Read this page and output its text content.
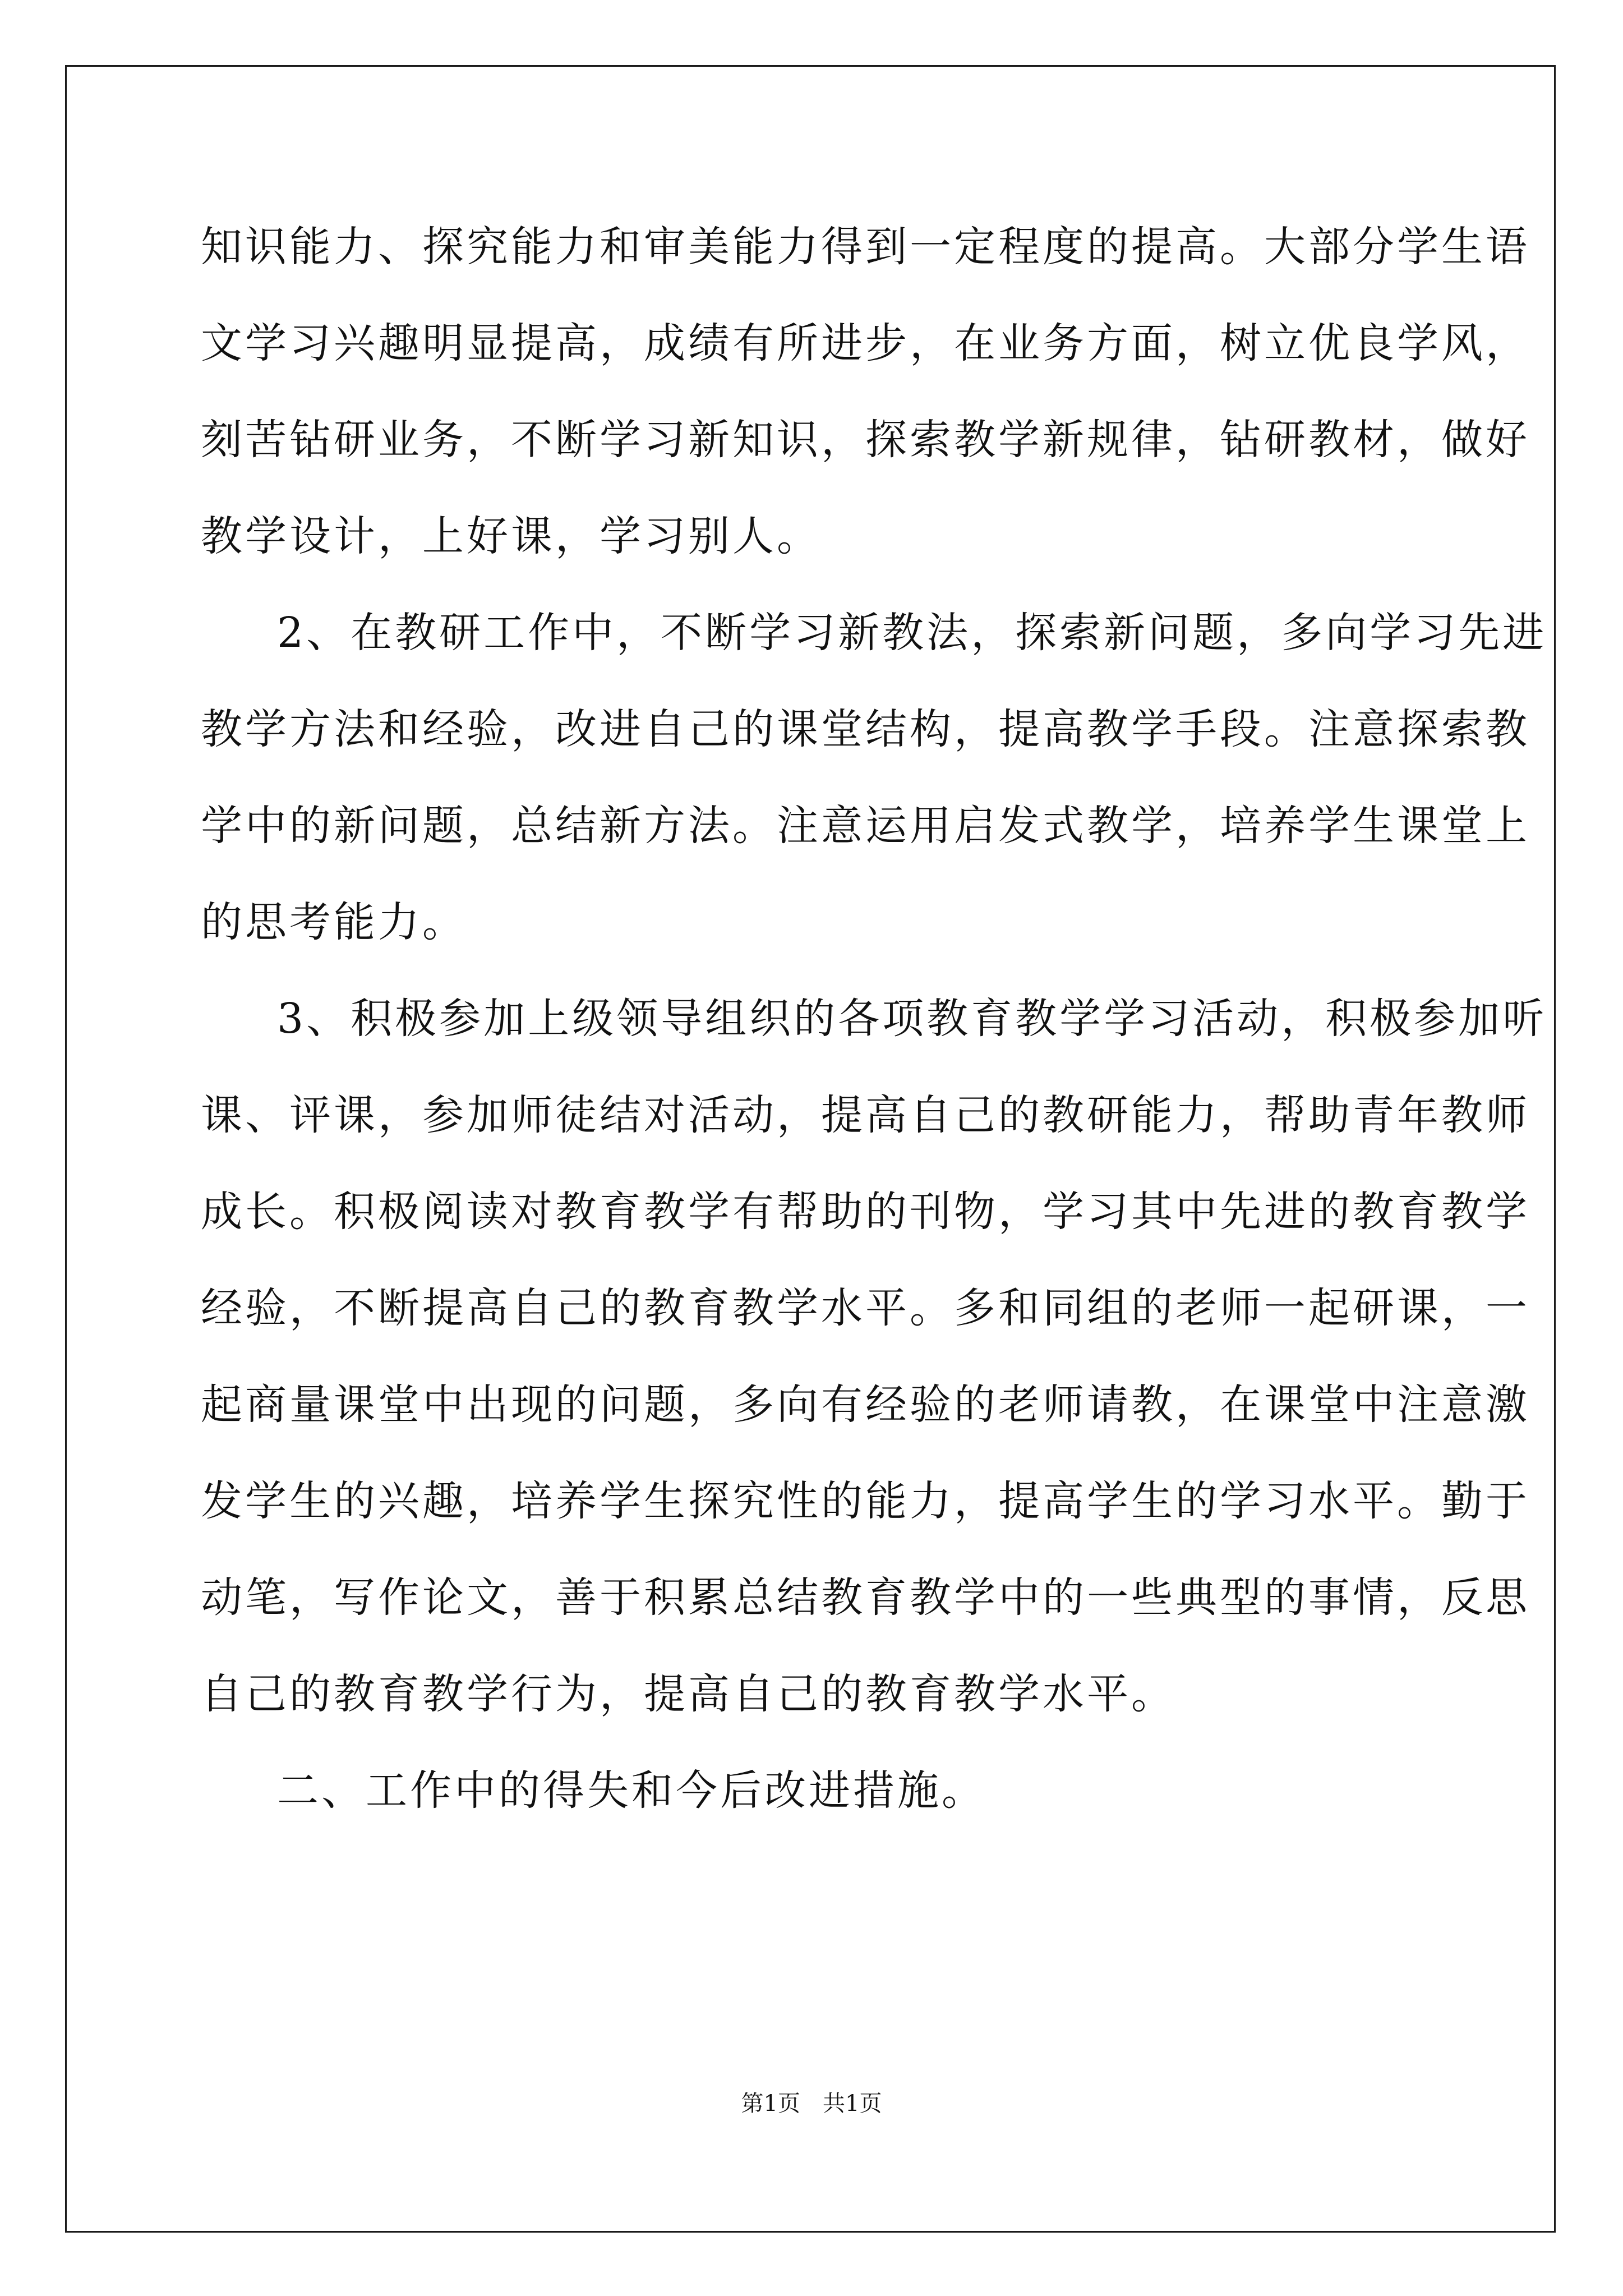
知识能力、探究能力和审美能力得到一定程度的提高。大部分学生语
文学习兴趣明显提高，成绩有所进步，在业务方面，树立优良学风，
刻苦钻研业务，不断学习新知识，探索教学新规律，钻研教材，做好
教学设计，上好课，学习别人。
2、在教研工作中，不断学习新教法，探索新问题，多向学习先进
教学方法和经验，改进自己的课堂结构，提高教学手段。注意探索教
学中的新问题，总结新方法。注意运用启发式教学，培养学生课堂上
的思考能力。
3、积极参加上级领导组织的各项教育教学学习活动，积极参加听
课、评课，参加师徒结对活动，提高自己的教研能力，帮助青年教师
成长。积极阅读对教育教学有帮助的刊物，学习其中先进的教育教学
经验，不断提高自己的教育教学水平。多和同组的老师一起研课，一
起商量课堂中出现的问题，多向有经验的老师请教，在课堂中注意激
发学生的兴趣，培养学生探究性的能力，提高学生的学习水平。勤于
动笔，写作论文，善于积累总结教育教学中的一些典型的事情，反思
自己的教育教学行为，提高自己的教育教学水平。
二、工作中的得失和今后改进措施。
第1页　共1页
